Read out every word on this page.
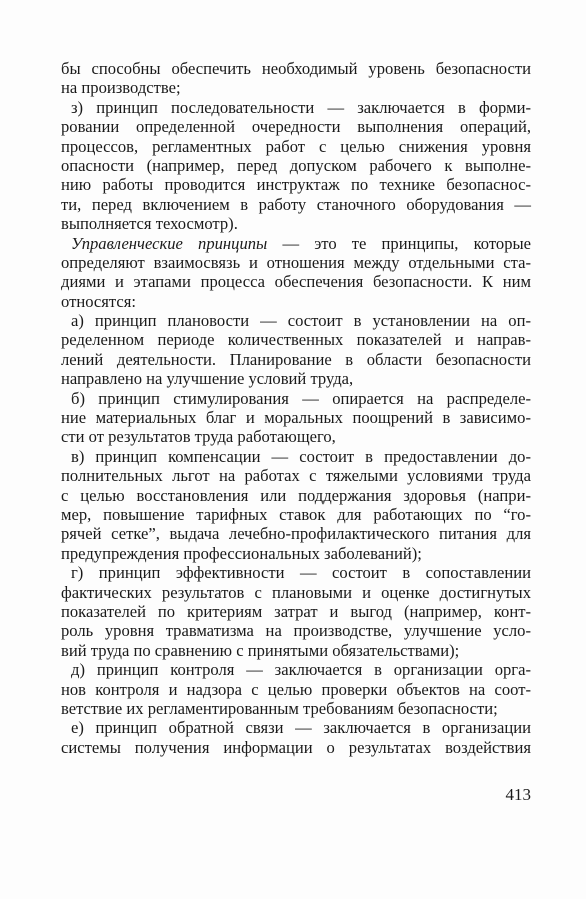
бы способны обеспечить необходимый уровень безопасности
на производстве;
з) принцип последовательности — заключается в форми-
ровании определенной очередности выполнения операций,
процессов, регламентных работ с целью снижения уровня
опасности (например, перед допуском рабочего к выполне-
нию работы проводится инструктаж по технике безопаснос-
ти, перед включением в работу станочного оборудования —
выполняется техосмотр).
Управленческие принципы — это те принципы, которые
определяют взаимосвязь и отношения между отдельными ста-
диями и этапами процесса обеспечения безопасности. К ним
относятся:
а) принцип плановости — состоит в установлении на оп-
ределенном периоде количественных показателей и направ-
лений деятельности. Планирование в области безопасности
направлено на улучшение условий труда,
б) принцип стимулирования — опирается на распределе-
ние материальных благ и моральных поощрений в зависимо-
сти от результатов труда работающего,
в) принцип компенсации — состоит в предоставлении до-
полнительных льгот на работах с тяжелыми условиями труда
с целью восстановления или поддержания здоровья (напри-
мер, повышение тарифных ставок для работающих по “го-
рячей сетке”, выдача лечебно-профилактического питания для
предупреждения профессиональных заболеваний);
г) принцип эффективности — состоит в сопоставлении
фактических результатов с плановыми и оценке достигнутых
показателей по критериям затрат и выгод (например, конт-
роль уровня травматизма на производстве, улучшение усло-
вий труда по сравнению с принятыми обязательствами);
д) принцип контроля — заключается в организации орга-
нов контроля и надзора с целью проверки объектов на соот-
ветствие их регламентированным требованиям безопасности;
е) принцип обратной связи — заключается в организации
системы получения информации о результатах воздействия
413
